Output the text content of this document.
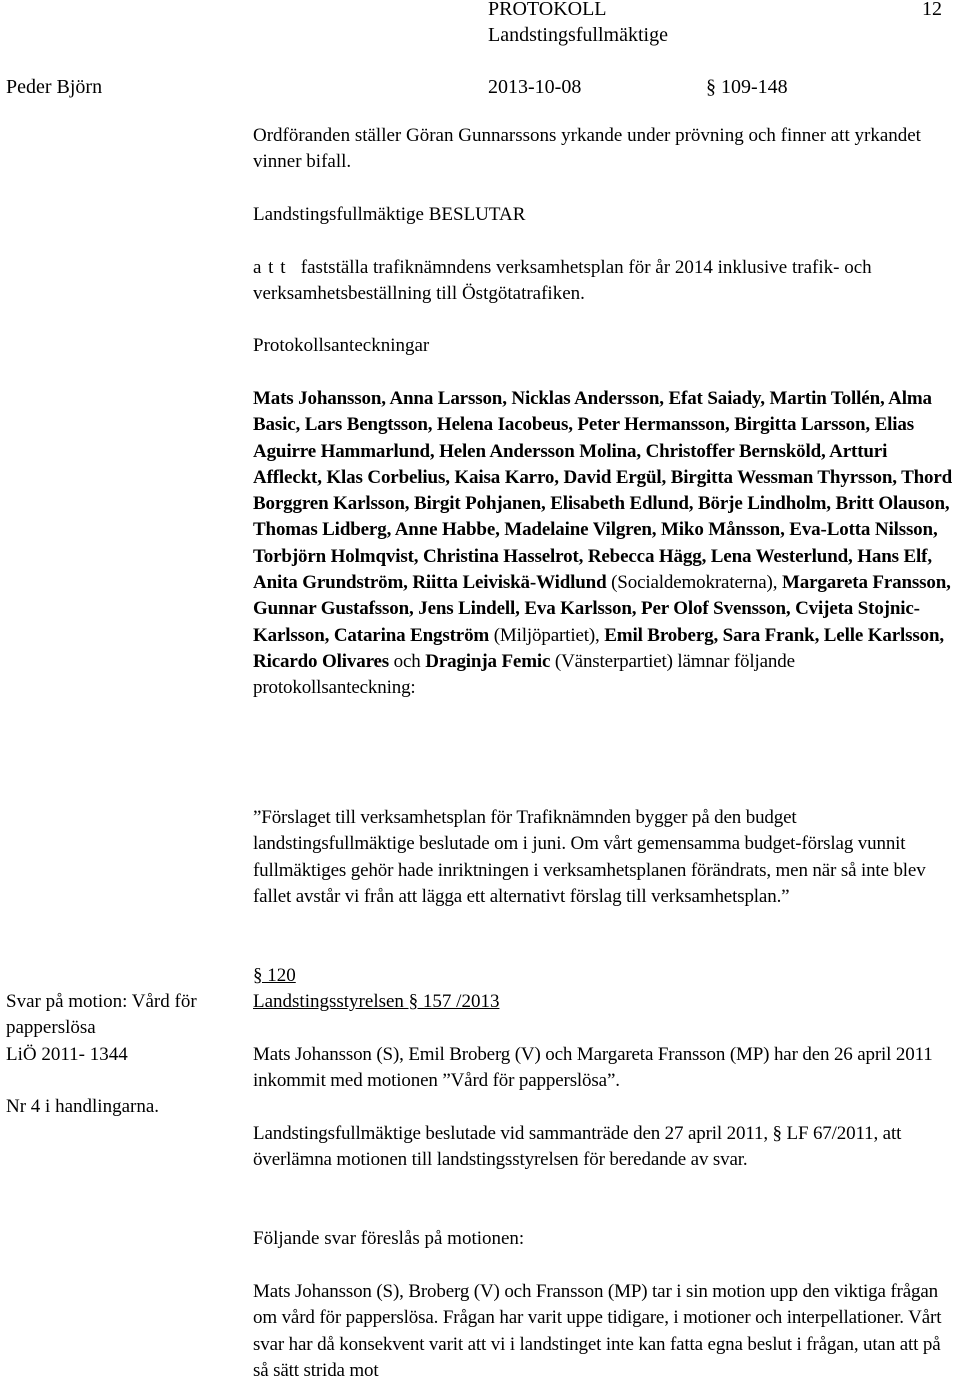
PROTOKOLL
Landstingsfullmäktige
12
Peder Björn	2013-10-08	§ 109-148

Ordföranden ställer Göran Gunnarssons yrkande under prövning och finner att yrkandet vinner bifall.

Landstingsfullmäktige BESLUTAR

a t t fastställa trafiknämndens verksamhetsplan för år 2014 inklusive trafik- och verksamhetsbeställning till Östgötatrafiken.

Protokollsanteckningar

Mats Johansson, Anna Larsson, Nicklas Andersson, Efat Saiady, Martin Tollén, Alma Basic, Lars Bengtsson, Helena Iacobeus, Peter Hermansson, Birgitta Larsson, Elias Aguirre Hammarlund, Helen Andersson Molina, Christoffer Bernsköld, Artturi Affleckt, Klas Corbelius, Kaisa Karro, David Ergül, Birgitta Wessman Thyrsson, Thord Borggren Karlsson, Birgit Pohjanen, Elisabeth Edlund, Börje Lindholm, Britt Olauson, Thomas Lidberg, Anne Habbe, Madelaine Vilgren, Miko Månsson, Eva-Lotta Nilsson, Torbjörn Holmqvist, Christina Hasselrot, Rebecca Hägg, Lena Westerlund, Hans Elf, Anita Grundström, Riitta Leiviskä-Widlund (Socialdemokraterna), Margareta Fransson, Gunnar Gustafsson, Jens Lindell, Eva Karlsson, Per Olof Svensson, Cvijeta Stojnic-Karlsson, Catarina Engström (Miljöpartiet), Emil Broberg, Sara Frank, Lelle Karlsson, Ricardo Olivares och Draginja Femic (Vänsterpartiet) lämnar följande protokollsanteckning:

”Förslaget till verksamhetsplan för Trafiknämnden bygger på den budget landstingsfullmäktige beslutade om i juni. Om vårt gemensamma budget-förslag vunnit fullmäktiges gehör hade inriktningen i verksamhetsplanen förändrats, men när så inte blev fallet avstår vi från att lägga ett alternativt förslag till verksamhetsplan.”

§ 120
Landstingsstyrelsen § 157 /2013

Svar på motion: Vård för papperslösa

LiÖ 2011- 1344

Nr 4 i handlingarna.

Mats Johansson (S), Emil Broberg (V) och Margareta Fransson (MP) har den 26 april 2011 inkommit med motionen ”Vård för papperslösa”.

Landstingsfullmäktige beslutade vid sammanträde den 27 april 2011, § LF 67/2011, att överlämna motionen till landstingsstyrelsen för beredande av svar.

Följande svar föreslås på motionen:

Mats Johansson (S), Broberg (V) och Fransson (MP) tar i sin motion upp den viktiga frågan om vård för papperslösa. Frågan har varit uppe tidigare, i motioner och interpellationer. Vårt svar har då konsekvent varit att vi i landstinget inte kan fatta egna beslut i frågan, utan att på så sätt strida mot
